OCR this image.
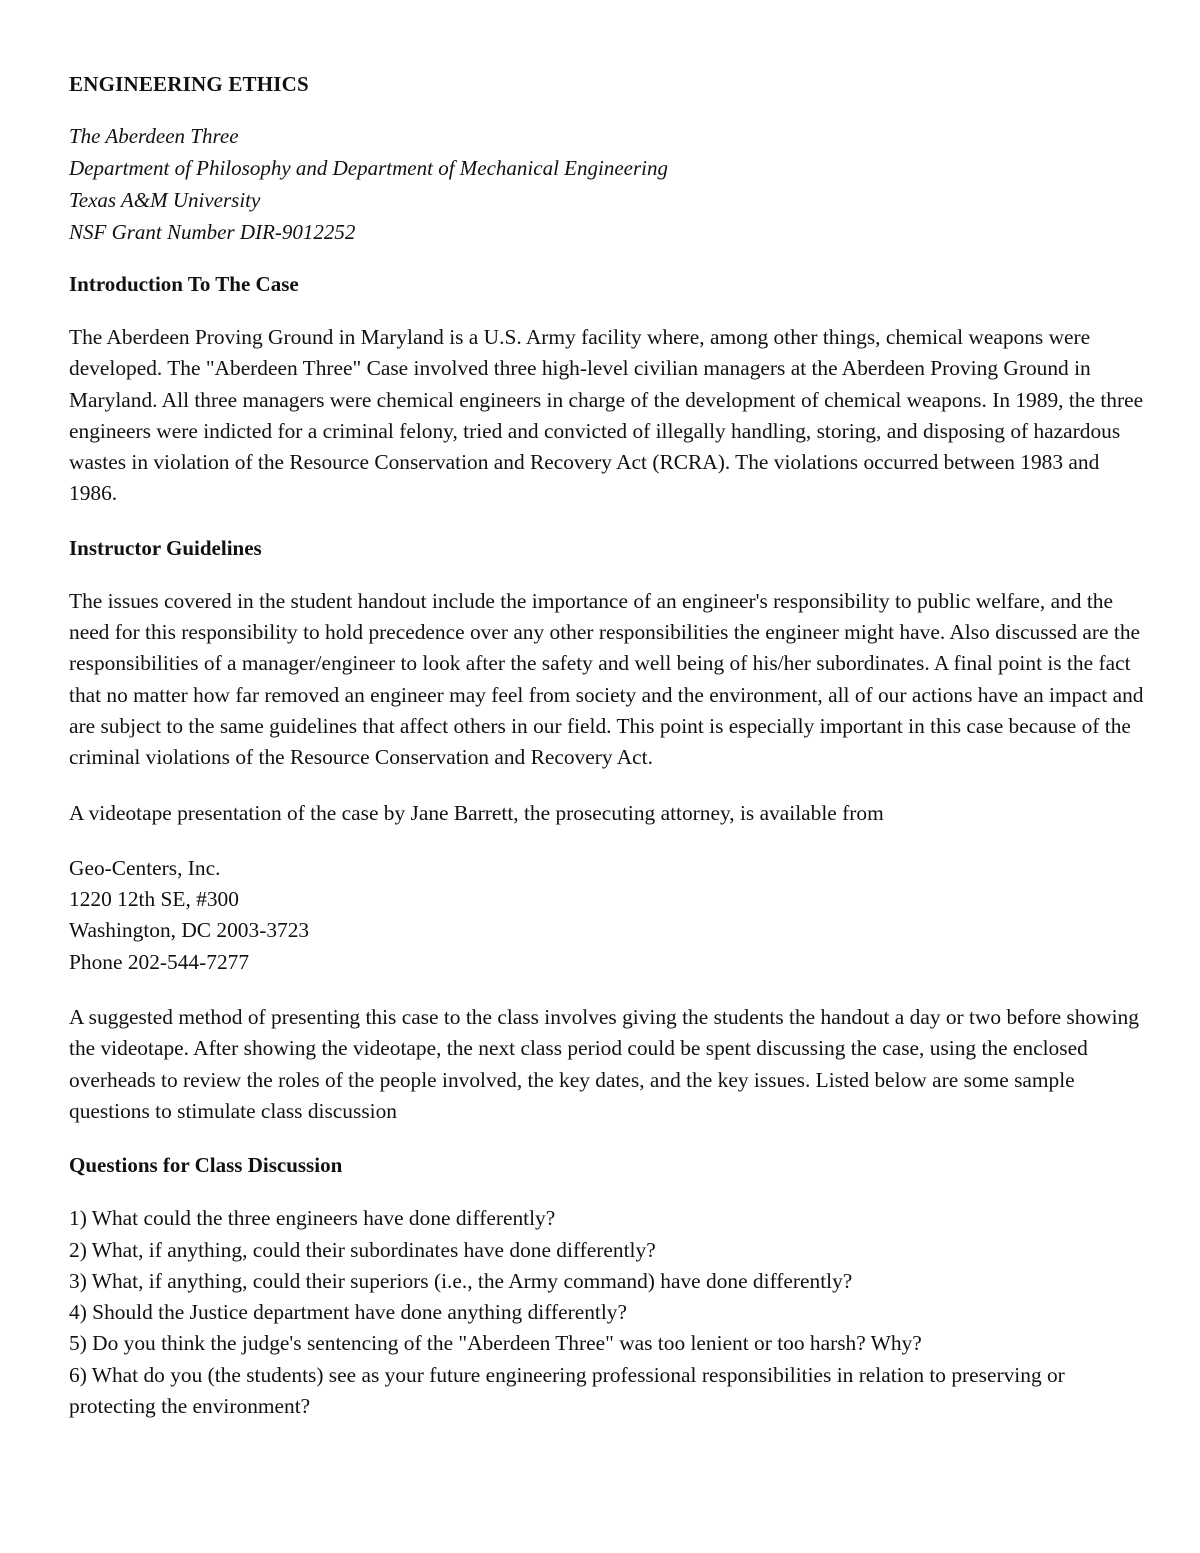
ENGINEERING ETHICS
The Aberdeen Three
Department of Philosophy and Department of Mechanical Engineering
Texas A&M University
NSF Grant Number DIR-9012252
Introduction To The Case

The Aberdeen Proving Ground in Maryland is a U.S. Army facility where, among other things, chemical weapons were developed. The "Aberdeen Three" Case involved three high-level civilian managers at the Aberdeen Proving Ground in Maryland. All three managers were chemical engineers in charge of the development of chemical weapons. In 1989, the three engineers were indicted for a criminal felony, tried and convicted of illegally handling, storing, and disposing of hazardous wastes in violation of the Resource Conservation and Recovery Act (RCRA). The violations occurred between 1983 and 1986.

Instructor Guidelines

The issues covered in the student handout include the importance of an engineer's responsibility to public welfare, and the need for this responsibility to hold precedence over any other responsibilities the engineer might have. Also discussed are the responsibilities of a manager/engineer to look after the safety and well being of his/her subordinates. A final point is the fact that no matter how far removed an engineer may feel from society and the environment, all of our actions have an impact and are subject to the same guidelines that affect others in our field. This point is especially important in this case because of the criminal violations of the Resource Conservation and Recovery Act.

A videotape presentation of the case by Jane Barrett, the prosecuting attorney, is available from

Geo-Centers, Inc.
1220 12th SE, #300
Washington, DC 2003-3723
Phone 202-544-7277

A suggested method of presenting this case to the class involves giving the students the handout a day or two before showing the videotape. After showing the videotape, the next class period could be spent discussing the case, using the enclosed overheads to review the roles of the people involved, the key dates, and the key issues. Listed below are some sample questions to stimulate class discussion

Questions for Class Discussion
1) What could the three engineers have done differently?
2) What, if anything, could their subordinates have done differently?
3) What, if anything, could their superiors (i.e., the Army command) have done differently?
4) Should the Justice department have done anything differently?
5) Do you think the judge's sentencing of the "Aberdeen Three" was too lenient or too harsh? Why?
6) What do you (the students) see as your future engineering professional responsibilities in relation to preserving or protecting the environment?
